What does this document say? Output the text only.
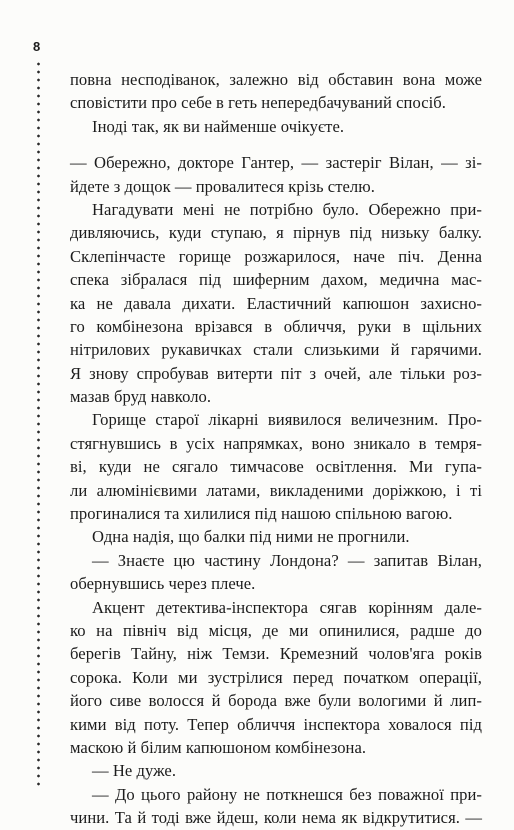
8
повна несподіванок, залежно від обставин вона може
сповістити про себе в геть непередбачуваний спосіб.
Іноді так, як ви найменше очікуєте.
— Обережно, докторе Гантер, — застеріг Вілан, — зі-
йдете з дощок — провалитеся крізь стелю.
Нагадувати мені не потрібно було. Обережно при-
дивляючись, куди ступаю, я пірнув під низьку балку.
Склепінчасте горище розжарилося, наче піч. Денна
спека зібралася під шиферним дахом, медична мас-
ка не давала дихати. Еластичний капюшон захисно-
го комбінезона врізався в обличчя, руки в щільних
нітрилових рукавичках стали слизькими й гарячими.
Я знову спробував витерти піт з очей, але тільки роз-
мазав бруд навколо.
Горище старої лікарні виявилося величезним. Про-
стягнувшись в усіх напрямках, воно зникало в темря-
ві, куди не сягало тимчасове освітлення. Ми гупа-
ли алюмінієвими латами, викладеними доріжкою, і ті
прогиналися та хилилися під нашою спільною вагою.
Одна надія, що балки під ними не прогнили.
— Знаєте цю частину Лондона? — запитав Вілан,
обернувшись через плече.
Акцент детектива-інспектора сягав корінням дале-
ко на північ від місця, де ми опинилися, радше до
берегів Тайну, ніж Темзи. Кремезний чолов'яга років
сорока. Коли ми зустрілися перед початком операції,
його сиве волосся й борода вже були вологими й лип-
кими від поту. Тепер обличчя інспектора ховалося під
маскою й білим капюшоном комбінезона.
— Не дуже.
— До цього району не поткнешся без поважної при-
чини. Та й тоді вже йдеш, коли нема як відкрутитися. —
